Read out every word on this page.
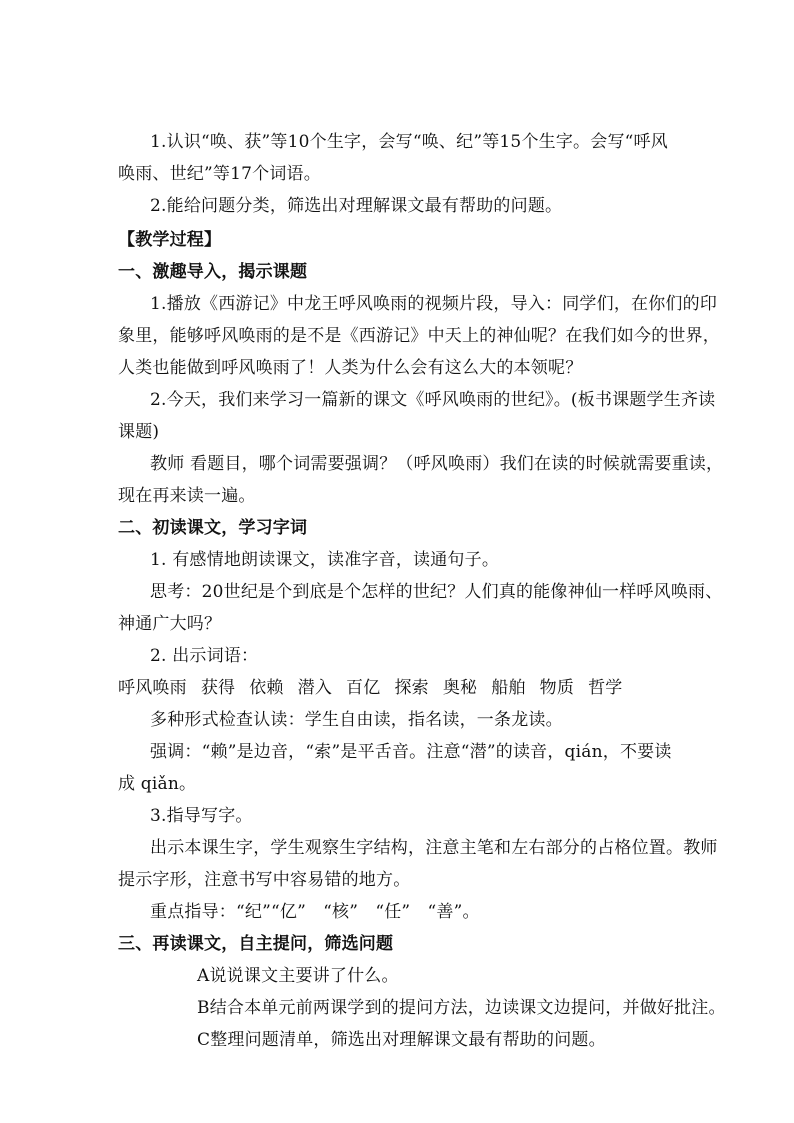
1.认识“唤、获”等10个生字，会写“唤、纪”等15个生字。会写“呼风
唤雨、世纪”等17个词语。
2.能给问题分类，筛选出对理解课文最有帮助的问题。
【教学过程】
一、激趣导入，揭示课题
1.播放《西游记》中龙王呼风唤雨的视频片段，导入：同学们，在你们的印
象里，能够呼风唤雨的是不是《西游记》中天上的神仙呢？在我们如今的世界，
人类也能做到呼风唤雨了！人类为什么会有这么大的本领呢？
2.今天，我们来学习一篇新的课文《呼风唤雨的世纪》。(板书课题学生齐读
课题)
教师 看题目，哪个词需要强调？（呼风唤雨）我们在读的时候就需要重读，
现在再来读一遍。
二、初读课文，学习字词
1. 有感情地朗读课文，读准字音，读通句子。
思考：20世纪是个到底是个怎样的世纪？人们真的能像神仙一样呼风唤雨、
神通广大吗？
2. 出示词语：
呼风唤雨 获得 依赖 潜入 百亿 探索 奥秘 船舶 物质 哲学
多种形式检查认读：学生自由读，指名读，一条龙读。
强调：“赖”是边音，“索”是平舌音。注意“潜”的读音，qián，不要读
成 qiǎn。
3.指导写字。
出示本课生字，学生观察生字结构，注意主笔和左右部分的占格位置。教师
提示字形，注意书写中容易错的地方。
重点指导：“纪”“亿”　“核”　“任”　“善”。
三、再读课文，自主提问，筛选问题
A说说课文主要讲了什么。
B结合本单元前两课学到的提问方法，边读课文边提问，并做好批注。
C整理问题清单，筛选出对理解课文最有帮助的问题。
